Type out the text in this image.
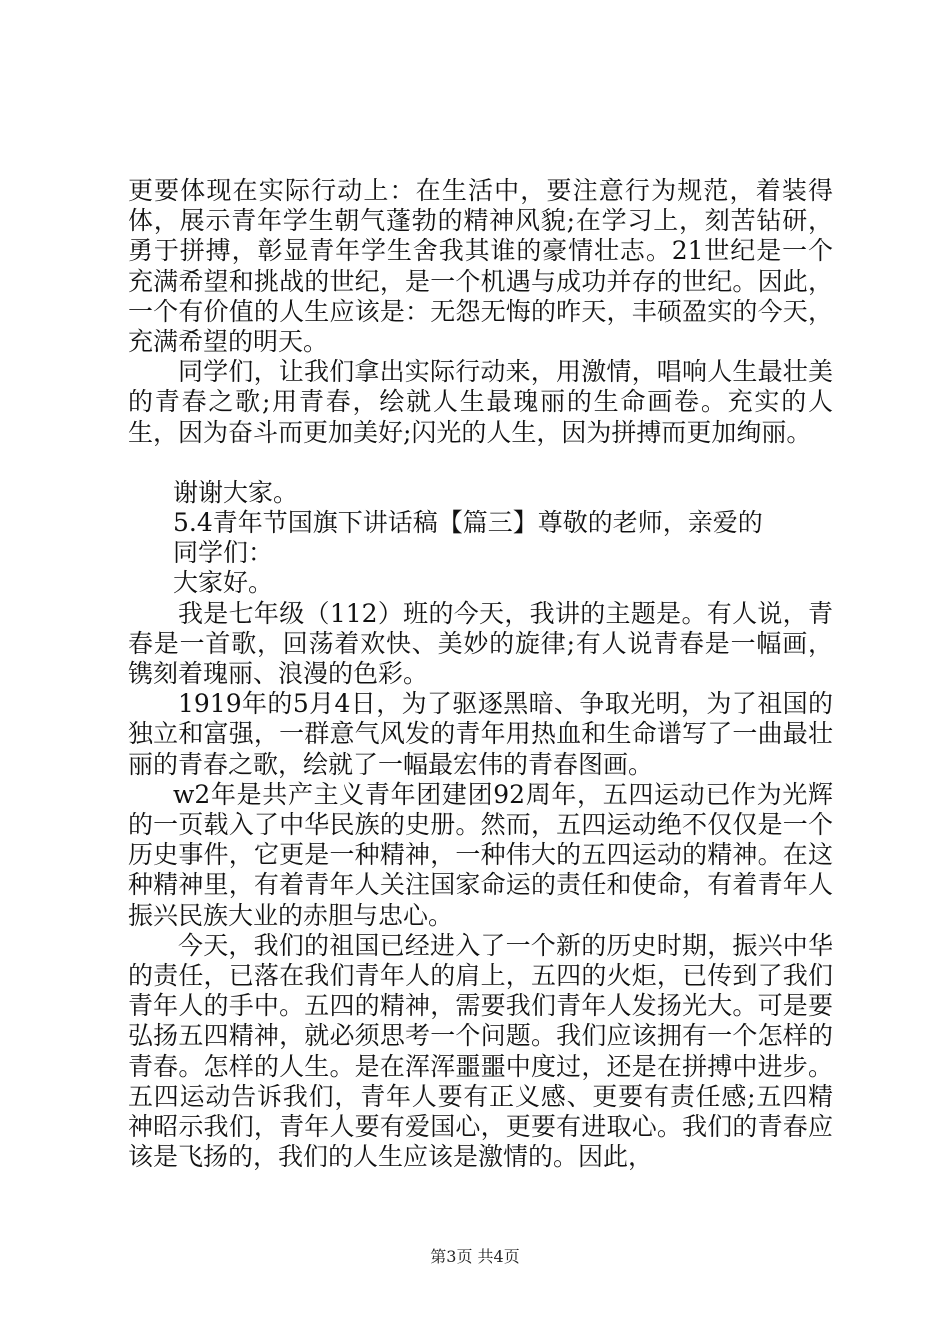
更要体现在实际行动上：在生活中，要注意行为规范，着装得体，展示青年学生朝气蓬勃的精神风貌;在学习上，刻苦钻研，勇于拼搏，彰显青年学生舍我其谁的豪情壮志。21世纪是一个充满希望和挑战的世纪，是一个机遇与成功并存的世纪。因此，一个有价值的人生应该是：无怨无悔的昨天，丰硕盈实的今天，充满希望的明天。

同学们，让我们拿出实际行动来，用激情，唱响人生最壮美的青春之歌;用青春，绘就人生最瑰丽的生命画卷。充实的人生，因为奋斗而更加美好;闪光的人生，因为拼搏而更加绚丽。

谢谢大家。

5.4青年节国旗下讲话稿【篇三】尊敬的老师，亲爱的

同学们：

大家好。

我是七年级（112）班的今天，我讲的主题是。有人说，青春是一首歌，回荡着欢快、美妙的旋律;有人说青春是一幅画，镌刻着瑰丽、浪漫的色彩。

1919年的5月4日，为了驱逐黑暗、争取光明，为了祖国的独立和富强，一群意气风发的青年用热血和生命谱写了一曲最壮丽的青春之歌，绘就了一幅最宏伟的青春图画。

w2年是共产主义青年团建团92周年，五四运动已作为光辉的一页载入了中华民族的史册。然而，五四运动绝不仅仅是一个历史事件，它更是一种精神，一种伟大的五四运动的精神。在这种精神里，有着青年人关注国家命运的责任和使命，有着青年人振兴民族大业的赤胆与忠心。

今天，我们的祖国已经进入了一个新的历史时期，振兴中华的责任，已落在我们青年人的肩上，五四的火炬，已传到了我们青年人的手中。五四的精神，需要我们青年人发扬光大。可是要弘扬五四精神，就必须思考一个问题。我们应该拥有一个怎样的青春。怎样的人生。是在浑浑噩噩中度过，还是在拼搏中进步。五四运动告诉我们，青年人要有正义感、更要有责任感;五四精神昭示我们，青年人要有爱国心，更要有进取心。我们的青春应该是飞扬的，我们的人生应该是激情的。因此，

第3页 共4页
